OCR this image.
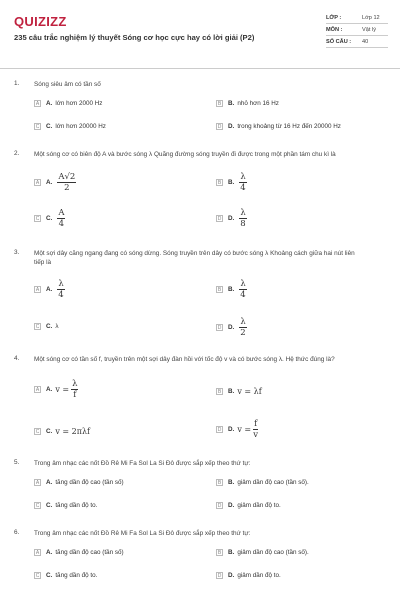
QUIZIZZ
235 câu trắc nghiệm lý thuyết Sóng cơ học cực hay có lời giải (P2)
LỚP :	Lớp 12
MÔN :	Vật lý
SỐ CÂU : 40
1. Sóng siêu âm có tần số
A A. lớn hơn 2000 Hz	B B. nhỏ hơn 16 Hz
C C. lớn hơn 20000 Hz	D D. trong khoảng từ 16 Hz đến 20000 Hz
2. Một sóng cơ có biên độ A và bước sóng λ Quãng đường sóng truyền đi được trong một phần tám chu kì là
A A. $\frac{A√2}{2}$	B B. $\frac{\lambda}{4}$
C C. $\frac{A}{4}$	D D. $\frac{\lambda}{8}$
3. Một sợi dây căng ngang đang có sóng dừng. Sóng truyền trên dây có bước sóng λ Khoảng cách giữa hai nút liên tiếp là
A A. $\frac{\lambda}{4}$	B B. $\frac{\lambda}{4}$
C C. λ	D D. $\frac{\lambda}{2}$
4. Một sóng cơ có tần số f, truyền trên một sợi dây đàn hồi với tốc độ v và có bước sóng λ. Hệ thức đúng là?
A A. $v = \frac{\lambda}{f}$	B B. v = λf
C C. v = 2πλf	D D. $v = \frac{f}{v}$
5. Trong âm nhạc các nốt Đồ Rê Mi Fa Sol La Si Đô được sắp xếp theo thứ tự:
A A. tăng dần độ cao (tần số)	B B. giảm dần độ cao (tần số).
C C. tăng dần độ to.	D D. giảm dần độ to.
6. Trong âm nhạc các nốt Đồ Rê Mi Fa Sol La Si Đô được sắp xếp theo thứ tự:
A A. tăng dần độ cao (tần số)	B B. giảm dần độ cao (tần số).
C C. tăng dần độ to.	D D. giảm dần độ to.
